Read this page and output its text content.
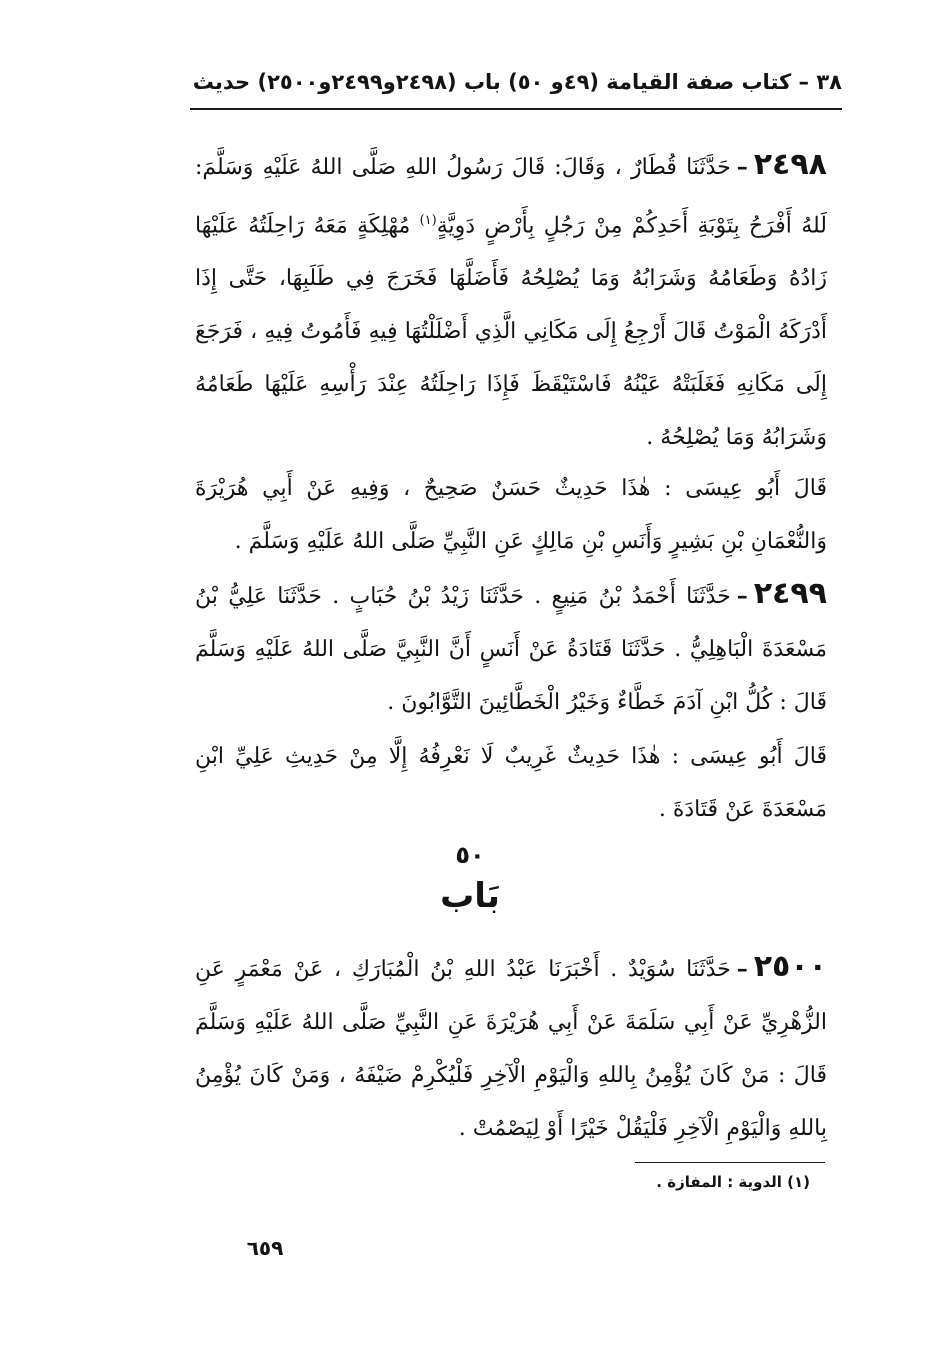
٣٨ – كتاب صفة القيامة (٤٩و ٥٠) باب (٢٤٩٨و٢٤٩٩و٢٥٠٠) حديث
٢٤٩٨–حَدَّثَنَا قُطَارٌ ، وَقَالَ: قَالَ رَسُولُ اللهِ صَلَّى اللهُ عَلَيْهِ وَسَلَّمَ: لَلهُ أَفْرَحُ بِتَوْبَةِ أَحَدِكُمْ مِنْ رَجُلٍ بِأَرْضٍ دَوِيَّةٍ$^{(١)}$ مُهْلِكَةٍ مَعَهُ رَاحِلَتُهُ عَلَيْهَا زَادُهُ وَطَعَامُهُ وَشَرَابُهُ وَمَا يُصْلِحُهُ فَأَضَلَّهَا فَخَرَجَ فِي طَلَبِهَا، حَتَّى إِذَا أَدْرَكَهُ الْمَوْتُ قَالَ أَرْجِعُ إِلَى مَكَانِي الَّذِي أَضْلَلْتُهَا فِيهِ فَأَمُوتُ فِيهِ ، فَرَجَعَ إِلَى مَكَانِهِ فَغَلَبَتْهُ عَيْنُهُ فَاسْتَيْقَظَ فَإِذَا رَاحِلَتُهُ عِنْدَ رَأْسِهِ عَلَيْهَا طَعَامُهُ وَشَرَابُهُ وَمَا يُصْلِحُهُ .
قَالَ أَبُو عِيسَى : هٰذَا حَدِيثٌ حَسَنٌ صَحِيحٌ ، وَفِيهِ عَنْ أَبِي هُرَيْرَةَ وَالنُّعْمَانِ بْنِ بَشِيرٍ وَأَنَسِ بْنِ مَالِكٍ عَنِ النَّبِيِّ صَلَّى اللهُ عَلَيْهِ وَسَلَّمَ .
٢٤٩٩–حَدَّثَنَا أَحْمَدُ بْنُ مَنِيعٍ . حَدَّثَنَا زَيْدُ بْنُ حُبَابٍ . حَدَّثَنَا عَلِيُّ بْنُ مَسْعَدَةَ الْبَاهِلِيُّ . حَدَّثَنَا قَتَادَةُ عَنْ أَنَسٍ أَنَّ النَّبِيَّ صَلَّى اللهُ عَلَيْهِ وَسَلَّمَ قَالَ : كُلُّ ابْنِ آدَمَ خَطَّاءٌ وَخَيْرُ الْخَطَّائِينَ التَّوَّابُونَ .
قَالَ أَبُو عِيسَى : هٰذَا حَدِيثٌ غَرِيبٌ لَا نَعْرِفُهُ إِلَّا مِنْ حَدِيثِ عَلِيِّ ابْنِ مَسْعَدَةَ عَنْ قَتَادَةَ .
٥٠
بَاب
٢٥٠٠–حَدَّثَنَا سُوَيْدٌ . أَخْبَرَنَا عَبْدُ اللهِ بْنُ الْمُبَارَكِ ، عَنْ مَعْمَرٍ عَنِ الزُّهْرِيِّ عَنْ أَبِي سَلَمَةَ عَنْ أَبِي هُرَيْرَةَ عَنِ النَّبِيِّ صَلَّى اللهُ عَلَيْهِ وَسَلَّمَ قَالَ : مَنْ كَانَ يُؤْمِنُ بِاللهِ وَالْيَوْمِ الْآخِرِ فَلْيُكْرِمْ ضَيْفَهُ ، وَمَنْ كَانَ يُؤْمِنُ بِاللهِ وَالْيَوْمِ الْآخِرِ فَلْيَقُلْ خَيْرًا أَوْ لِيَصْمُتْ .
(١) الدوية : المفازة .
٦٥٩
